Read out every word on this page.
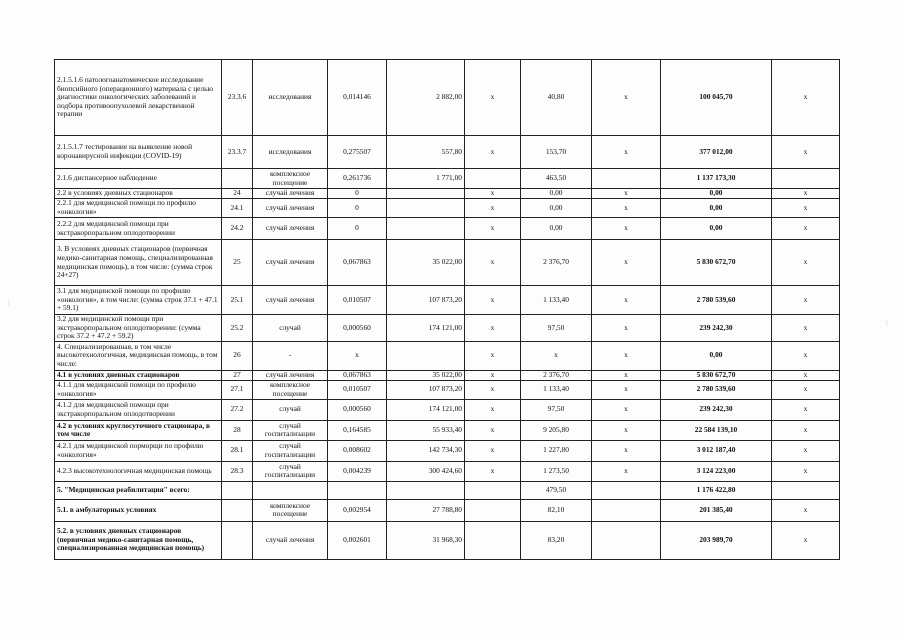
2.1.5.1.6 патологоанатомическое исследование биопсийного (операционного) материала с целью диагностики онкологических заболеваний и подбора противоопухолевой лекарственной терапии	23.3.6	исследования	0,014146	2 882,00	х	40,80	х	100 045,70	х
2.1.5.1.7 тестирование на выявление новой коронавирусной инфекции (COVID-19)	23.3.7	исследования	0,275507	557,80	х	153,70	х	377 012,00	х
2.1.6 диспансерное наблюдение		комплексное посещение	0,261736	1 771,00		463,50		1 137 173,30	
2.2 в условиях дневных стационаров	24	случай лечения	0		х	0,00	х	0,00	х
2.2.1 для медицинской помощи по профилю «онкология»	24.1	случай лечения	0		х	0,00	х	0,00	х
2.2.2 для медицинской помощи при экстракорпоральном оплодотворении	24.2	случай лечения	0		х	0,00	х	0,00	х
3. В условиях дневных стационаров (первичная медико-санитарная помощь, специализированная медицинская помощь), в том числе: (сумма строк 24+27)	25	случай лечения	0,067863	35 022,00	х	2 376,70	х	5 830 672,70	х
3.1 для медицинской помощи по профилю «онкология», в том числе: (сумма строк 37.1 + 47.1 + 59.1)	25.1	случай лечения	0,010507	107 873,20	х	1 133,40	х	2 780 539,60	х
3.2 для медицинской помощи при экстракорпоральном оплодотворении: (сумма строк 37.2 + 47.2 + 59.2)	25.2	случай	0,000560	174 121,00	х	97,50	х	239 242,30	х
4. Специализированная, в том числе высокотехнологичная, медицинская помощь, в том числе:	26	-	х		х	х	х	0,00	х
4.1 в условиях дневных стационаров	27	случай лечения	0,067863	35 022,00	х	2 376,70	х	5 830 672,70	х
4.1.1 для медицинской помощи по профилю «онкология»	27.1	комплексное посещение	0,010507	107 873,20	х	1 133,40	х	2 780 539,60	х
4.1.2 для медицинской помощи при экстракорпоральном оплодотворении	27.2	случай	0,000560	174 121,00	х	97,50	х	239 242,30	х
4.2 в условиях круглосуточного стационара, в том числе	28	случай госпитализации	0,164585	55 933,40	х	9 205,80	х	22 584 139,10	х
4.2.1 для медицинской порморщи по профилю «онкология»	28.1	случай госпитализации	0,008602	142 734,30	х	1 227,80	х	3 012 187,40	х
4.2.3 высокотехнологичная медицинская помощь	28.3	случай госпитализации	0,004239	300 424,60	х	1 273,50	х	3 124 223,00	х
5. "Медицинская реабилитация" всего:						479,50		1 176 422,80	
5.1. в амбулаторных условиях		комплексное посещение	0,002954	27 788,80		82,10		201 385,40	х
5.2. в условиях дневных стационаров (первичная медико-санитарная помощь, специализированная медицинская помощь)		случай лечения	0,002601	31 968,30		83,20		203 989,70	х
⋮
⋮
